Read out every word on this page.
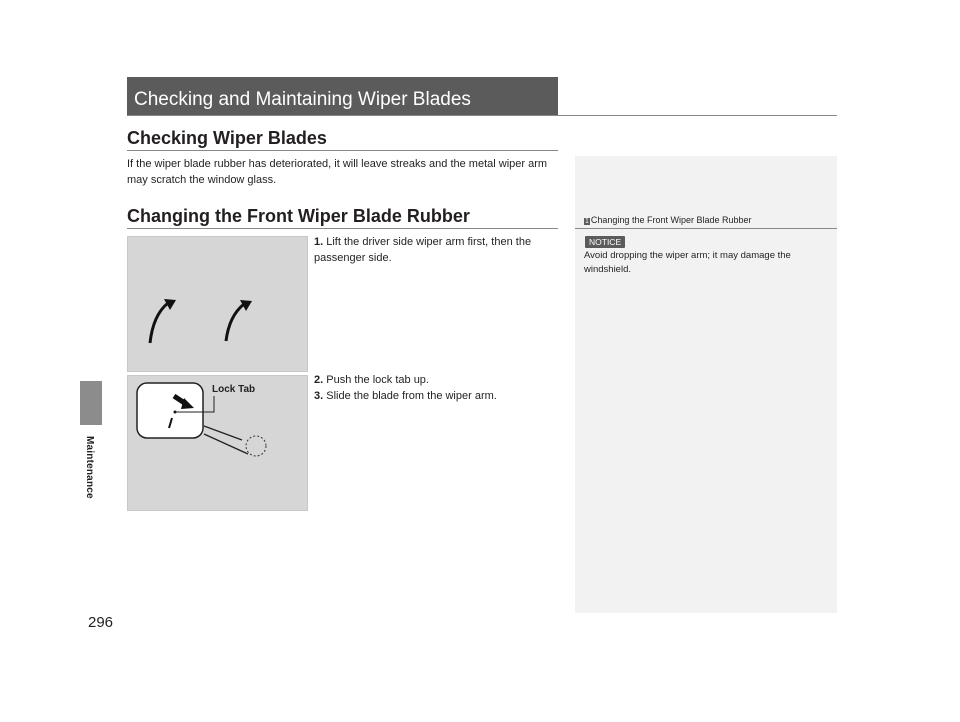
Maintenance
296
Checking and Maintaining Wiper Blades
Checking Wiper Blades
If the wiper blade rubber has deteriorated, it will leave streaks and the metal wiper arm may scratch the window glass.
Changing the Front Wiper Blade Rubber
1. Lift the driver side wiper arm first, then the passenger side.
2. Push the lock tab up.
3. Slide the blade from the wiper arm.
Lock Tab
1 Changing the Front Wiper Blade Rubber
NOTICE
Avoid dropping the wiper arm; it may damage the windshield.
